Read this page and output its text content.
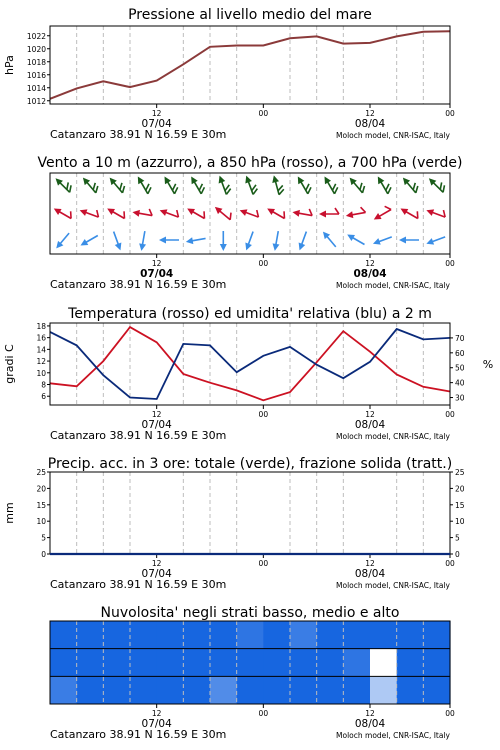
Pressione al livello medio del mare
12	00	12	00
07/04	08/04
Catanzaro 38.91 N 16.59 E 30m	Moloch model, CNR-ISAC, Italy
1012
1014
1016
1018
1020
1022
hPa
Vento a 10 m (azzurro), a 850 hPa (rosso), a 700 hPa (verde)
12	00	12	00
07/04	08/04
Catanzaro 38.91 N 16.59 E 30m	Moloch model, CNR-ISAC, Italy
Temperatura (rosso) ed umidita' relativa (blu) a 2 m
12	00	12	00
07/04	08/04
Catanzaro 38.91 N 16.59 E 30m	Moloch model, CNR-ISAC, Italy
6
8
10
12
14
16
18
30
40
50
60
70
gradi C	%
Precip. acc. in 3 ore: totale (verde), frazione solida (tratt.)
12	00	12	00
07/04	08/04
Catanzaro 38.91 N 16.59 E 30m	Moloch model, CNR-ISAC, Italy
0
5
10
15
20
25
0
5
10
15
20
25
mm
Nuvolosita' negli strati basso, medio e alto
12	00	12	00
07/04	08/04
Catanzaro 38.91 N 16.59 E 30m	Moloch model, CNR-ISAC, Italy
